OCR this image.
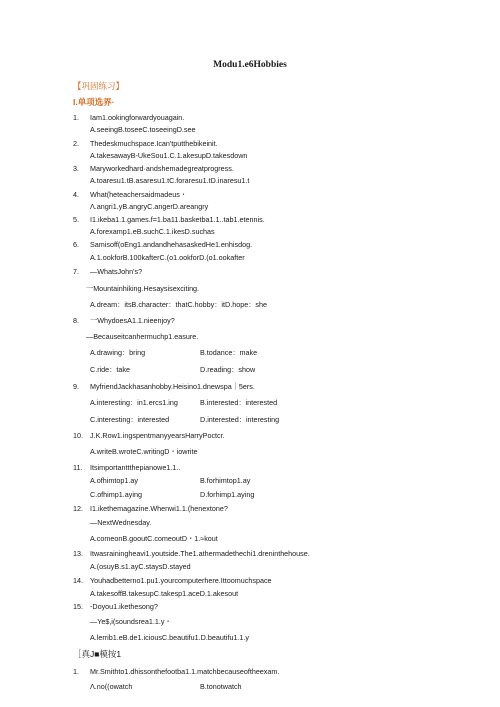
Modu1.e6Hobbies
【巩固练习】
I.单项选界·
1. Iam1.ookingforwardyouagain.
A.seeingB.toseeC.toseeingD.see
2. Thedeskmuchspace.Ican'tputthebikeinit.
A.takesawayB-UkeSou1.C.1.akesupD.takesdown
3. Maryworkedhard·andshemadegreatprogress.
A.toaresu1.tB.asaresu1.tC.foraresu1.tD.inaresu1.t
4. What(heteachersaidmadeus・
Λ.angri1.yB.angryC.angerD.areangry
5. I1.ikeba1.1.games.f=1.ba11.basketba1.1..tab1.etennis.
A.forexamp1.eB.suchC.1.ikesD.suchas
6. Samisoff(oEng1.andandhehasaskedHe1.enhisdog.
A.1.ookforB.100kafterC.(o1.ookforD.(o1.ookafter
7. —WhatsJohn's?
一Mountainhiking.Hesaysisexciting.
A.dream：itsB.character：thatC.hobby：itD.hope：she
8. 一WhydoesA1.1.nieenjoy?
—Becauseitcanhermuchp1.easure.
A.drawing：bring	B.todance：make
C.ride：take	D.reading：show
9. MyfriendJackhasanhobby.Heisino1.dnewspa｜5ers.
A.interesting：in1.ercs1.ing	B.interested：interested
C.interesting：interested	D.interested：interesting
10. J.K.Row1.ingspentmanyyearsHarryPoctcr.
A.writeB.wroteC.writingD・iowrite
11. Itsimportanttthepianowe1.1..
A.ofhimtop1.ay	B.forhimtop1.ay
C.ofhimp1.aying	D.forhimp1.aying
12. I1.ikethemagazine.Whenwi1.1.(henextone?
—NextWednesday.
A.comeonB.gooutC.comeoutD・1.≈kout
13. Itwasrainingheavi1.youtside.The1.athermadethechi1.dreninthehouse.
A.(osuyB.s1.ayC.staysD.stayed
14. Youhadbetterno1.pu1.yourcomputerhere.Ittoomuchspace
A.takesoffB.takesupC.takesp1.aceD.1.akesout
15. -Doyou1.ikethesong?
—Ye$,i(soundsrea1.1.y・
A.lerrib1.eB.de1.iciousC.beautifu1.D.beautifu1.1.y
［真J■模按1
1. Mr.Smithto1.dhissonthefootba1.1.matchbecauseoftheexam.
Λ.no((owatch	B.tonotwatch
